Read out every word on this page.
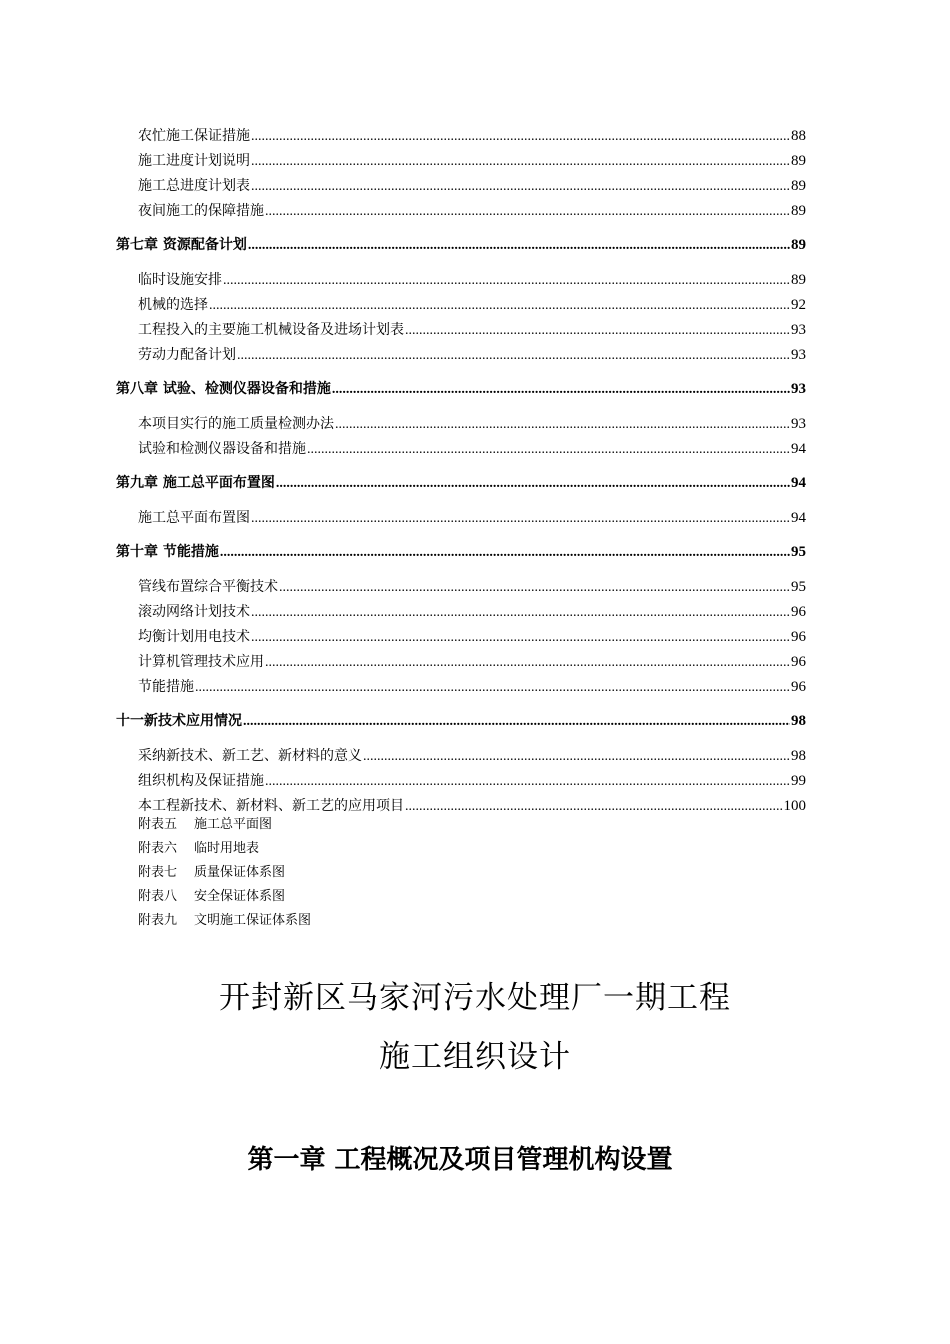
农忙施工保证措施 .....	88
施工进度计划说明 .....	89
施工总进度计划表 .....	89
夜间施工的保障措施 .....	89
第七章 资源配备计划 .....	89
临时设施安排 .....	89
机械的选择 .....	92
工程投入的主要施工机械设备及进场计划表 .....	93
劳动力配备计划 .....	93
第八章 试验、检测仪器设备和措施 .....	93
本项目实行的施工质量检测办法 .....	93
试验和检测仪器设备和措施 .....	94
第九章 施工总平面布置图 .....	94
施工总平面布置图 .....	94
第十章 节能措施 .....	95
管线布置综合平衡技术 .....	95
滚动网络计划技术 .....	96
均衡计划用电技术 .....	96
计算机管理技术应用 .....	96
节能措施 .....	96
十一新技术应用情况 .....	98
采纳新技术、新工艺、新材料的意义 .....	98
组织机构及保证措施 .....	99
本工程新技术、新材料、新工艺的应用项目 .....	100
附表五 施工总平面图
附表六 临时用地表
附表七 质量保证体系图
附表八 安全保证体系图
附表九 文明施工保证体系图
开封新区马家河污水处理厂一期工程
施工组织设计
第一章 工程概况及项目管理机构设置
